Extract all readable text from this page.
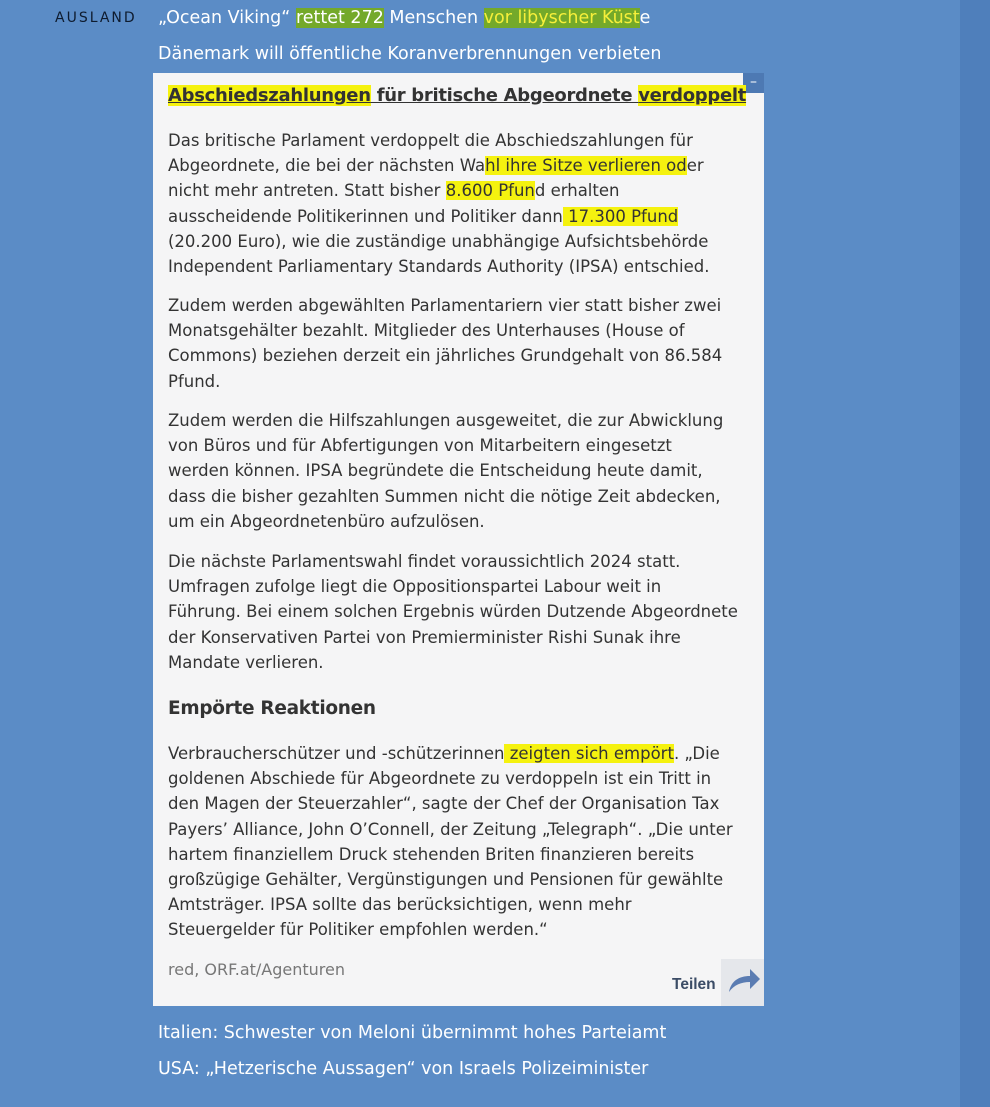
AUSLAND „Ocean Viking“ rettet 272 Menschen vor libyscher Küste
Dänemark will öffentliche Koranverbrennungen verbieten
–
Abschiedszahlungen für britische Abgeordnete verdoppelt

Das britische Parlament verdoppelt die Abschiedszahlungen für
Abgeordnete, die bei der nächsten Wahl ihre Sitze verlieren oder
nicht mehr antreten. Statt bisher 8.600 Pfund erhalten
ausscheidende Politikerinnen und Politiker dann 17.300 Pfund
(20.200 Euro), wie die zuständige unabhängige Aufsichtsbehörde
Independent Parliamentary Standards Authority (IPSA) entschied.

Zudem werden abgewählten Parlamentariern vier statt bisher zwei
Monatsgehälter bezahlt. Mitglieder des Unterhauses (House of
Commons) beziehen derzeit ein jährliches Grundgehalt von 86.584
Pfund.

Zudem werden die Hilfszahlungen ausgeweitet, die zur Abwicklung
von Büros und für Abfertigungen von Mitarbeitern eingesetzt
werden können. IPSA begründete die Entscheidung heute damit,
dass die bisher gezahlten Summen nicht die nötige Zeit abdecken,
um ein Abgeordnetenbüro aufzulösen.

Die nächste Parlamentswahl findet voraussichtlich 2024 statt.
Umfragen zufolge liegt die Oppositionspartei Labour weit in
Führung. Bei einem solchen Ergebnis würden Dutzende Abgeordnete
der Konservativen Partei von Premierminister Rishi Sunak ihre
Mandate verlieren.

Empörte Reaktionen

Verbraucherschützer und -schützerinnen zeigten sich empört. „Die
goldenen Abschiede für Abgeordnete zu verdoppeln ist ein Tritt in
den Magen der Steuerzahler“, sagte der Chef der Organisation Tax
Payers’ Alliance, John O’Connell, der Zeitung „Telegraph“. „Die unter
hartem finanziellem Druck stehenden Briten finanzieren bereits
großzügige Gehälter, Vergünstigungen und Pensionen für gewählte
Amtsträger. IPSA sollte das berücksichtigen, wenn mehr
Steuergelder für Politiker empfohlen werden.“

red, ORF.at/Agenturen
Teilen
Italien: Schwester von Meloni übernimmt hohes Parteiamt
USA: „Hetzerische Aussagen“ von Israels Polizeiminister
